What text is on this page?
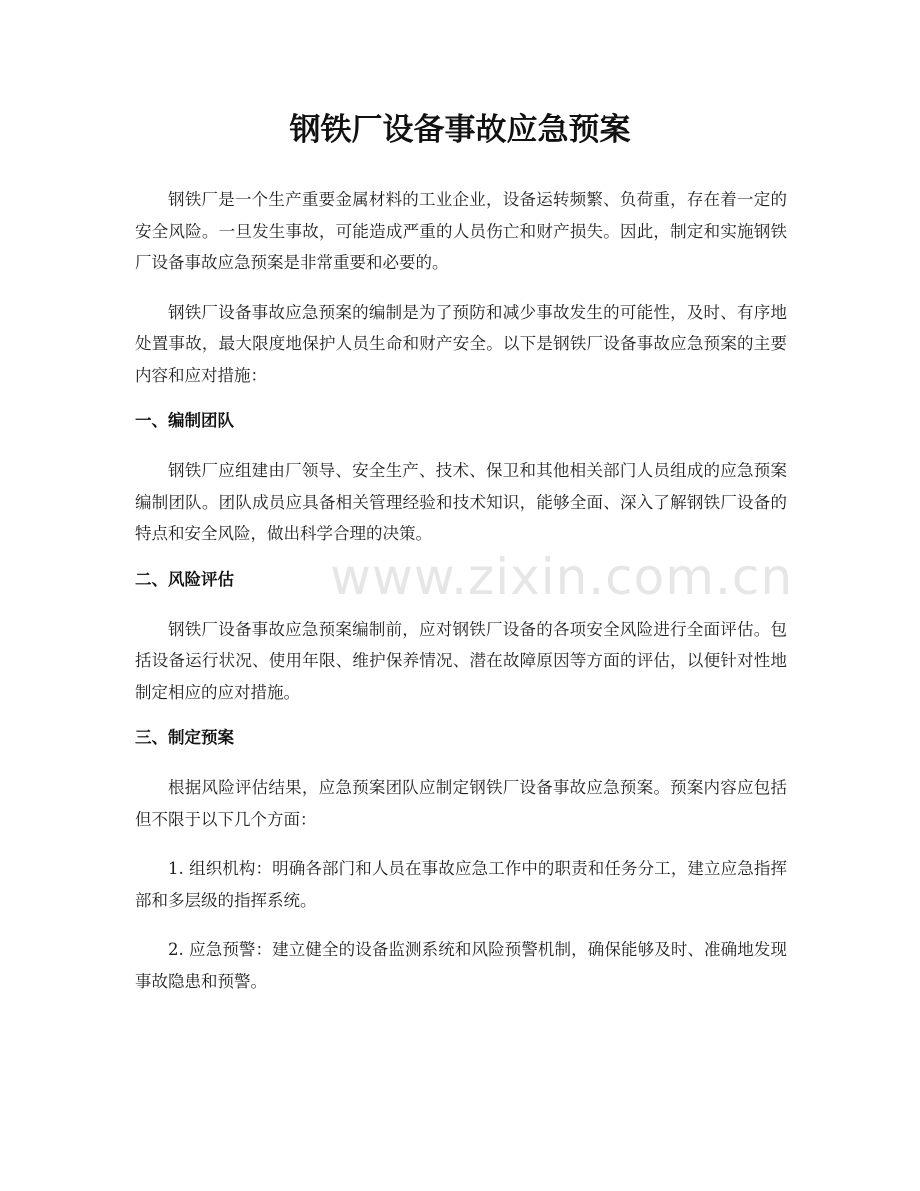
钢铁厂设备事故应急预案

钢铁厂是一个生产重要金属材料的工业企业，设备运转频繁、负荷重，存在着一定的安全风险。一旦发生事故，可能造成严重的人员伤亡和财产损失。因此，制定和实施钢铁厂设备事故应急预案是非常重要和必要的。

钢铁厂设备事故应急预案的编制是为了预防和减少事故发生的可能性，及时、有序地处置事故，最大限度地保护人员生命和财产安全。以下是钢铁厂设备事故应急预案的主要内容和应对措施：

一、编制团队

钢铁厂应组建由厂领导、安全生产、技术、保卫和其他相关部门人员组成的应急预案编制团队。团队成员应具备相关管理经验和技术知识，能够全面、深入了解钢铁厂设备的特点和安全风险，做出科学合理的决策。

二、风险评估

钢铁厂设备事故应急预案编制前，应对钢铁厂设备的各项安全风险进行全面评估。包括设备运行状况、使用年限、维护保养情况、潜在故障原因等方面的评估，以便针对性地制定相应的应对措施。

三、制定预案

根据风险评估结果，应急预案团队应制定钢铁厂设备事故应急预案。预案内容应包括但不限于以下几个方面：

1. 组织机构：明确各部门和人员在事故应急工作中的职责和任务分工，建立应急指挥部和多层级的指挥系统。

2. 应急预警：建立健全的设备监测系统和风险预警机制，确保能够及时、准确地发现事故隐患和预警。

www.zixin.com.cn
